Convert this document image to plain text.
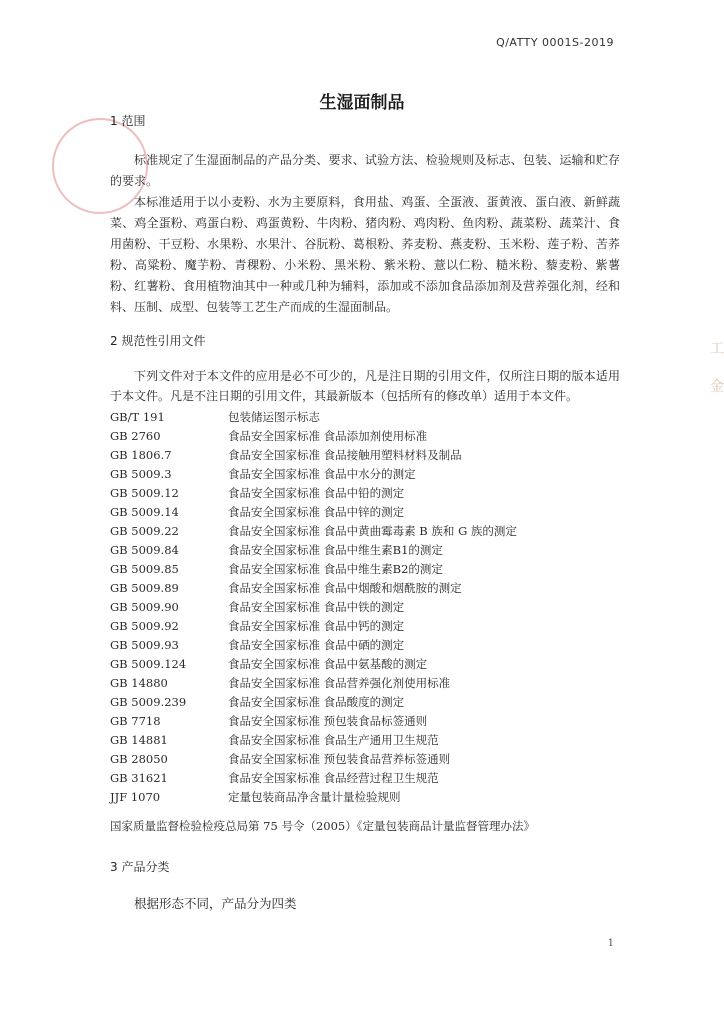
Q/ATTY 0001S-2019
工
金
生湿面制品
1 范围

标准规定了生湿面制品的产品分类、要求、试验方法、检验规则及标志、包装、运输和贮存的要求。

本标准适用于以小麦粉、水为主要原料，食用盐、鸡蛋、全蛋液、蛋黄液、蛋白液、新鲜蔬菜、鸡全蛋粉、鸡蛋白粉、鸡蛋黄粉、牛肉粉、猪肉粉、鸡肉粉、鱼肉粉、蔬菜粉、蔬菜汁、食用菌粉、干豆粉、水果粉、水果汁、谷朊粉、葛根粉、荞麦粉、燕麦粉、玉米粉、莲子粉、苦荞粉、高粱粉、魔芋粉、青稞粉、小米粉、黑米粉、紫米粉、薏以仁粉、糙米粉、藜麦粉、紫薯粉、红薯粉、食用植物油其中一种或几种为辅料，添加或不添加食品添加剂及营养强化剂，经和料、压制、成型、包装等工艺生产而成的生湿面制品。

2 规范性引用文件

下列文件对于本文件的应用是必不可少的，凡是注日期的引用文件，仅所注日期的版本适用于本文件。凡是不注日期的引用文件，其最新版本（包括所有的修改单）适用于本文件。

GB/T 191	包装储运图示标志
GB 2760	食品安全国家标准 食品添加剂使用标准
GB 1806.7	食品安全国家标准 食品接触用塑料材料及制品
GB 5009.3	食品安全国家标准 食品中水分的测定
GB 5009.12	食品安全国家标准 食品中铅的测定
GB 5009.14	食品安全国家标准 食品中锌的测定
GB 5009.22	食品安全国家标准 食品中黄曲霉毒素 B 族和 G 族的测定
GB 5009.84	食品安全国家标准 食品中维生素B1的测定
GB 5009.85	食品安全国家标准 食品中维生素B2的测定
GB 5009.89	食品安全国家标准 食品中烟酸和烟酰胺的测定
GB 5009.90	食品安全国家标准 食品中铁的测定
GB 5009.92	食品安全国家标准 食品中钙的测定
GB 5009.93	食品安全国家标准 食品中硒的测定
GB 5009.124	食品安全国家标准 食品中氨基酸的测定
GB 14880	食品安全国家标准 食品营养强化剂使用标准
GB 5009.239	食品安全国家标准 食品酸度的测定
GB 7718	食品安全国家标准 预包装食品标签通则
GB 14881	食品安全国家标准 食品生产通用卫生规范
GB 28050	食品安全国家标准 预包装食品营养标签通则
GB 31621	食品安全国家标准 食品经营过程卫生规范
JJF 1070	定量包装商品净含量计量检验规则
国家质量监督检验检疫总局第 75 号令（2005）《定量包装商品计量监督管理办法》
3 产品分类
根据形态不同，产品分为四类
1
